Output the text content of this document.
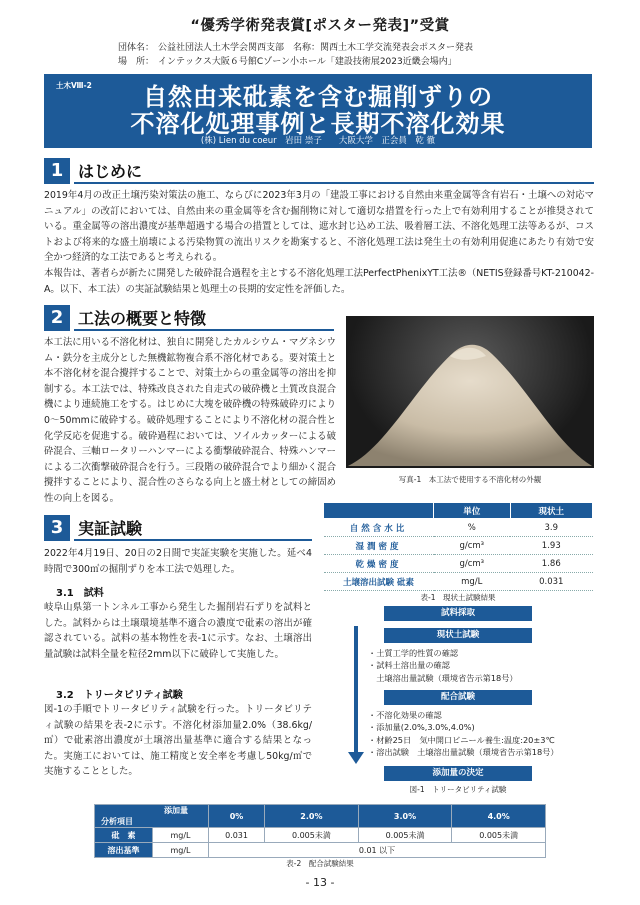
“優秀学術発表賞[ポスター発表]”受賞
団体名： 公益社団法人土木学会関西支部　名称：関西土木工学交流発表会ポスター発表
場　所： インテックス大阪６号館Cゾーン小ホール「建設技術展2023近畿会場内」
土木Ⅷ-2	自然由来砒素を含む掘削ずりの
不溶化処理事例と長期不溶化効果
(株) Lien du coeur　岩田 崇子　　大阪大学　正会員　乾 徹
1 はじめに
2019年4月の改正土壌汚染対策法の施工、ならびに2023年3月の「建設工事における自然由来重金属等含有岩石・土壌への対応マニュアル」の改訂においては、自然由来の重金属等を含む掘削物に対して適切な措置を行った上で有効利用することが推奨されている。重金属等の溶出濃度が基準超過する場合の措置としては、遮水封じ込め工法、吸着層工法、不溶化処理工法等あるが、コストおよび将来的な盛土崩壊による汚染物質の流出リスクを勘案すると、不溶化処理工法は発生土の有効利用促進にあたり有効で安全かつ経済的な工法であると考えられる。
本報告は、著者らが新たに開発した破砕混合過程を主とする不溶化処理工法PerfectPhenixYT工法®（NETIS登録番号KT-210042-A。以下、本工法）の実証試験結果と処理土の長期的安定性を評価した。
2 工法の概要と特徴
本工法に用いる不溶化材は、独自に開発したカルシウム・マグネシウム・鉄分を主成分とした無機鉱物複合系不溶化材である。要対策土と本不溶化材を混合攪拌することで、対策土からの重金属等の溶出を抑制する。本工法では、特殊改良された自走式の破砕機と土質改良混合機により連続施工をする。はじめに大塊を破砕機の特殊破砕刃により0〜50mmに破砕する。破砕処理することにより不溶化材の混合性と化学反応を促進する。破砕過程においては、ソイルカッターによる破砕混合、三軸ロータリーハンマーによる衝撃破砕混合、特殊ハンマーによる二次衝撃破砕混合を行う。三段階の破砕混合でより細かく混合攪拌することにより、混合性のさらなる向上と盛土材としての締固め性の向上を図る。
写真-1　本工法で使用する不溶化材の外観
3 実証試験
2022年4月19日、20日の2日間で実証実験を実施した。延べ4時間で300㎥の掘削ずりを本工法で処理した。
3.1　試料
岐阜山県第一トンネル工事から発生した掘削岩石ずりを試料とした。試料からは土壌環境基準不適合の濃度で砒素の溶出が確認されている。試料の基本物性を表-1に示す。なお、土壌溶出量試験は試料全量を粒径2mm以下に破砕して実施した。
3.2　トリータビリティ試験
図-1の手順でトリータビリティ試験を行った。トリータビリティ試験の結果を表-2に示す。不溶化材添加量2.0%（38.6kg/㎥）で砒素溶出濃度が土壌溶出量基準に適合する結果となった。実施工においては、施工精度と安全率を考慮し50kg/㎥で実施することとした。
	単位	現状土
自然含水比	%	3.9
湿潤密度	g/cm³	1.93
乾燥密度	g/cm³	1.86
土壌溶出試験 砒素	mg/L	0.031
表-1　現状土試験結果
試料採取
現状土試験
・土質工学的性質の確認
・試料土溶出量の確認
　土壌溶出量試験（環境省告示第18号）
配合試験
・不溶化効果の確認
・添加量(2.0%,3.0%,4.0%)
・材齢25日　気中開口ビニール養生:温度:20±3℃
・溶出試験　土壌溶出量試験（環境省告示第18号）
添加量の決定
図-1　トリータビリティ試験
添加量
分析項目		0%	2.0%	3.0%	4.0%
砒　素	mg/L	0.031	0.005未満	0.005未満	0.005未満
溶出基準	mg/L	0.01 以下			
表-2　配合試験結果
- 13 -
